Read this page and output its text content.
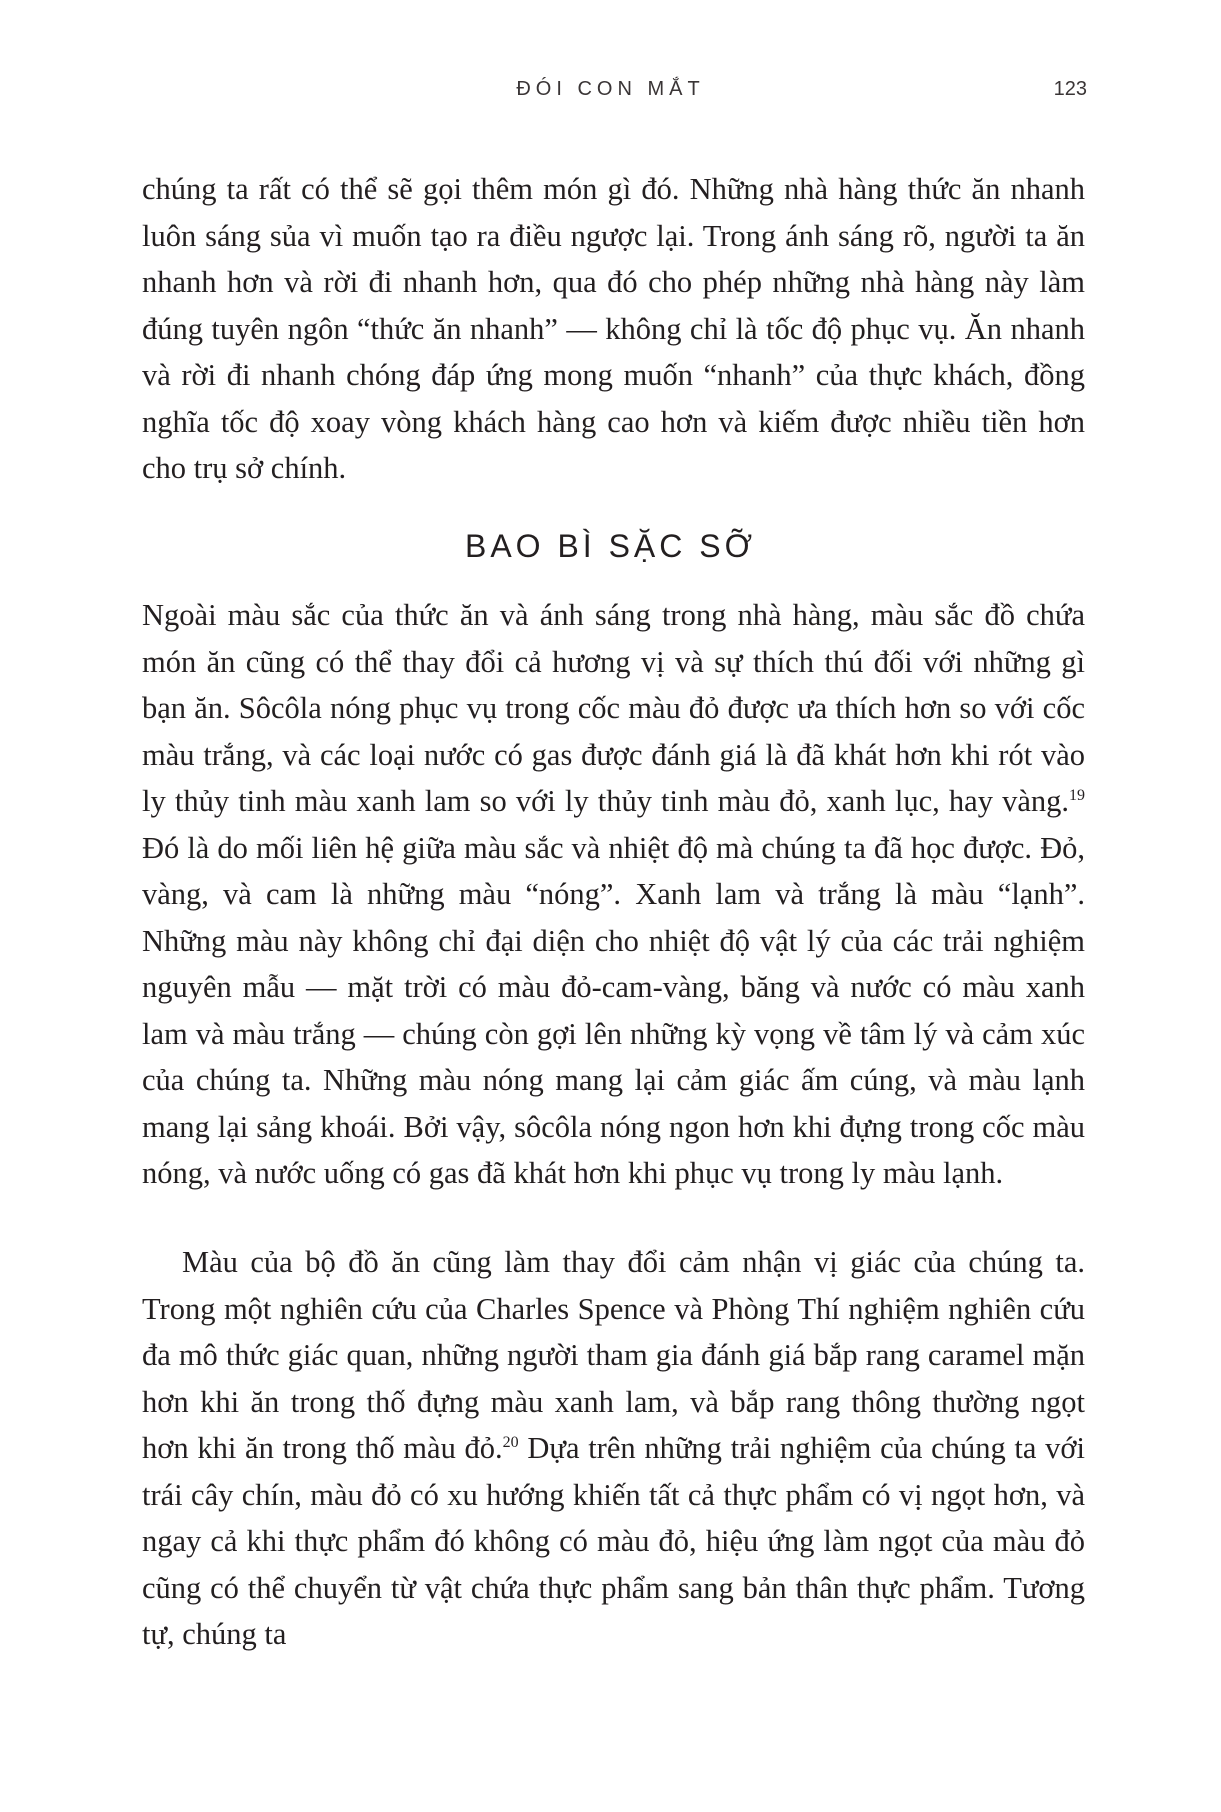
ĐÓI CON MẮT	123

chúng ta rất có thể sẽ gọi thêm món gì đó. Những nhà hàng thức ăn nhanh luôn sáng sủa vì muốn tạo ra điều ngược lại. Trong ánh sáng rõ, người ta ăn nhanh hơn và rời đi nhanh hơn, qua đó cho phép những nhà hàng này làm đúng tuyên ngôn “thức ăn nhanh” — không chỉ là tốc độ phục vụ. Ăn nhanh và rời đi nhanh chóng đáp ứng mong muốn “nhanh” của thực khách, đồng nghĩa tốc độ xoay vòng khách hàng cao hơn và kiếm được nhiều tiền hơn cho trụ sở chính.

BAO BÌ SẶC SỠ

Ngoài màu sắc của thức ăn và ánh sáng trong nhà hàng, màu sắc đồ chứa món ăn cũng có thể thay đổi cả hương vị và sự thích thú đối với những gì bạn ăn. Sôcôla nóng phục vụ trong cốc màu đỏ được ưa thích hơn so với cốc màu trắng, và các loại nước có gas được đánh giá là đã khát hơn khi rót vào ly thủy tinh màu xanh lam so với ly thủy tinh màu đỏ, xanh lục, hay vàng.$^{19}$ Đó là do mối liên hệ giữa màu sắc và nhiệt độ mà chúng ta đã học được. Đỏ, vàng, và cam là những màu “nóng”. Xanh lam và trắng là màu “lạnh”. Những màu này không chỉ đại diện cho nhiệt độ vật lý của các trải nghiệm nguyên mẫu — mặt trời có màu đỏ-cam-vàng, băng và nước có màu xanh lam và màu trắng — chúng còn gợi lên những kỳ vọng về tâm lý và cảm xúc của chúng ta. Những màu nóng mang lại cảm giác ấm cúng, và màu lạnh mang lại sảng khoái. Bởi vậy, sôcôla nóng ngon hơn khi đựng trong cốc màu nóng, và nước uống có gas đã khát hơn khi phục vụ trong ly màu lạnh.

Màu của bộ đồ ăn cũng làm thay đổi cảm nhận vị giác của chúng ta. Trong một nghiên cứu của Charles Spence và Phòng Thí nghiệm nghiên cứu đa mô thức giác quan, những người tham gia đánh giá bắp rang caramel mặn hơn khi ăn trong thố đựng màu xanh lam, và bắp rang thông thường ngọt hơn khi ăn trong thố màu đỏ.$^{20}$ Dựa trên những trải nghiệm của chúng ta với trái cây chín, màu đỏ có xu hướng khiến tất cả thực phẩm có vị ngọt hơn, và ngay cả khi thực phẩm đó không có màu đỏ, hiệu ứng làm ngọt của màu đỏ cũng có thể chuyển từ vật chứa thực phẩm sang bản thân thực phẩm. Tương tự, chúng ta
